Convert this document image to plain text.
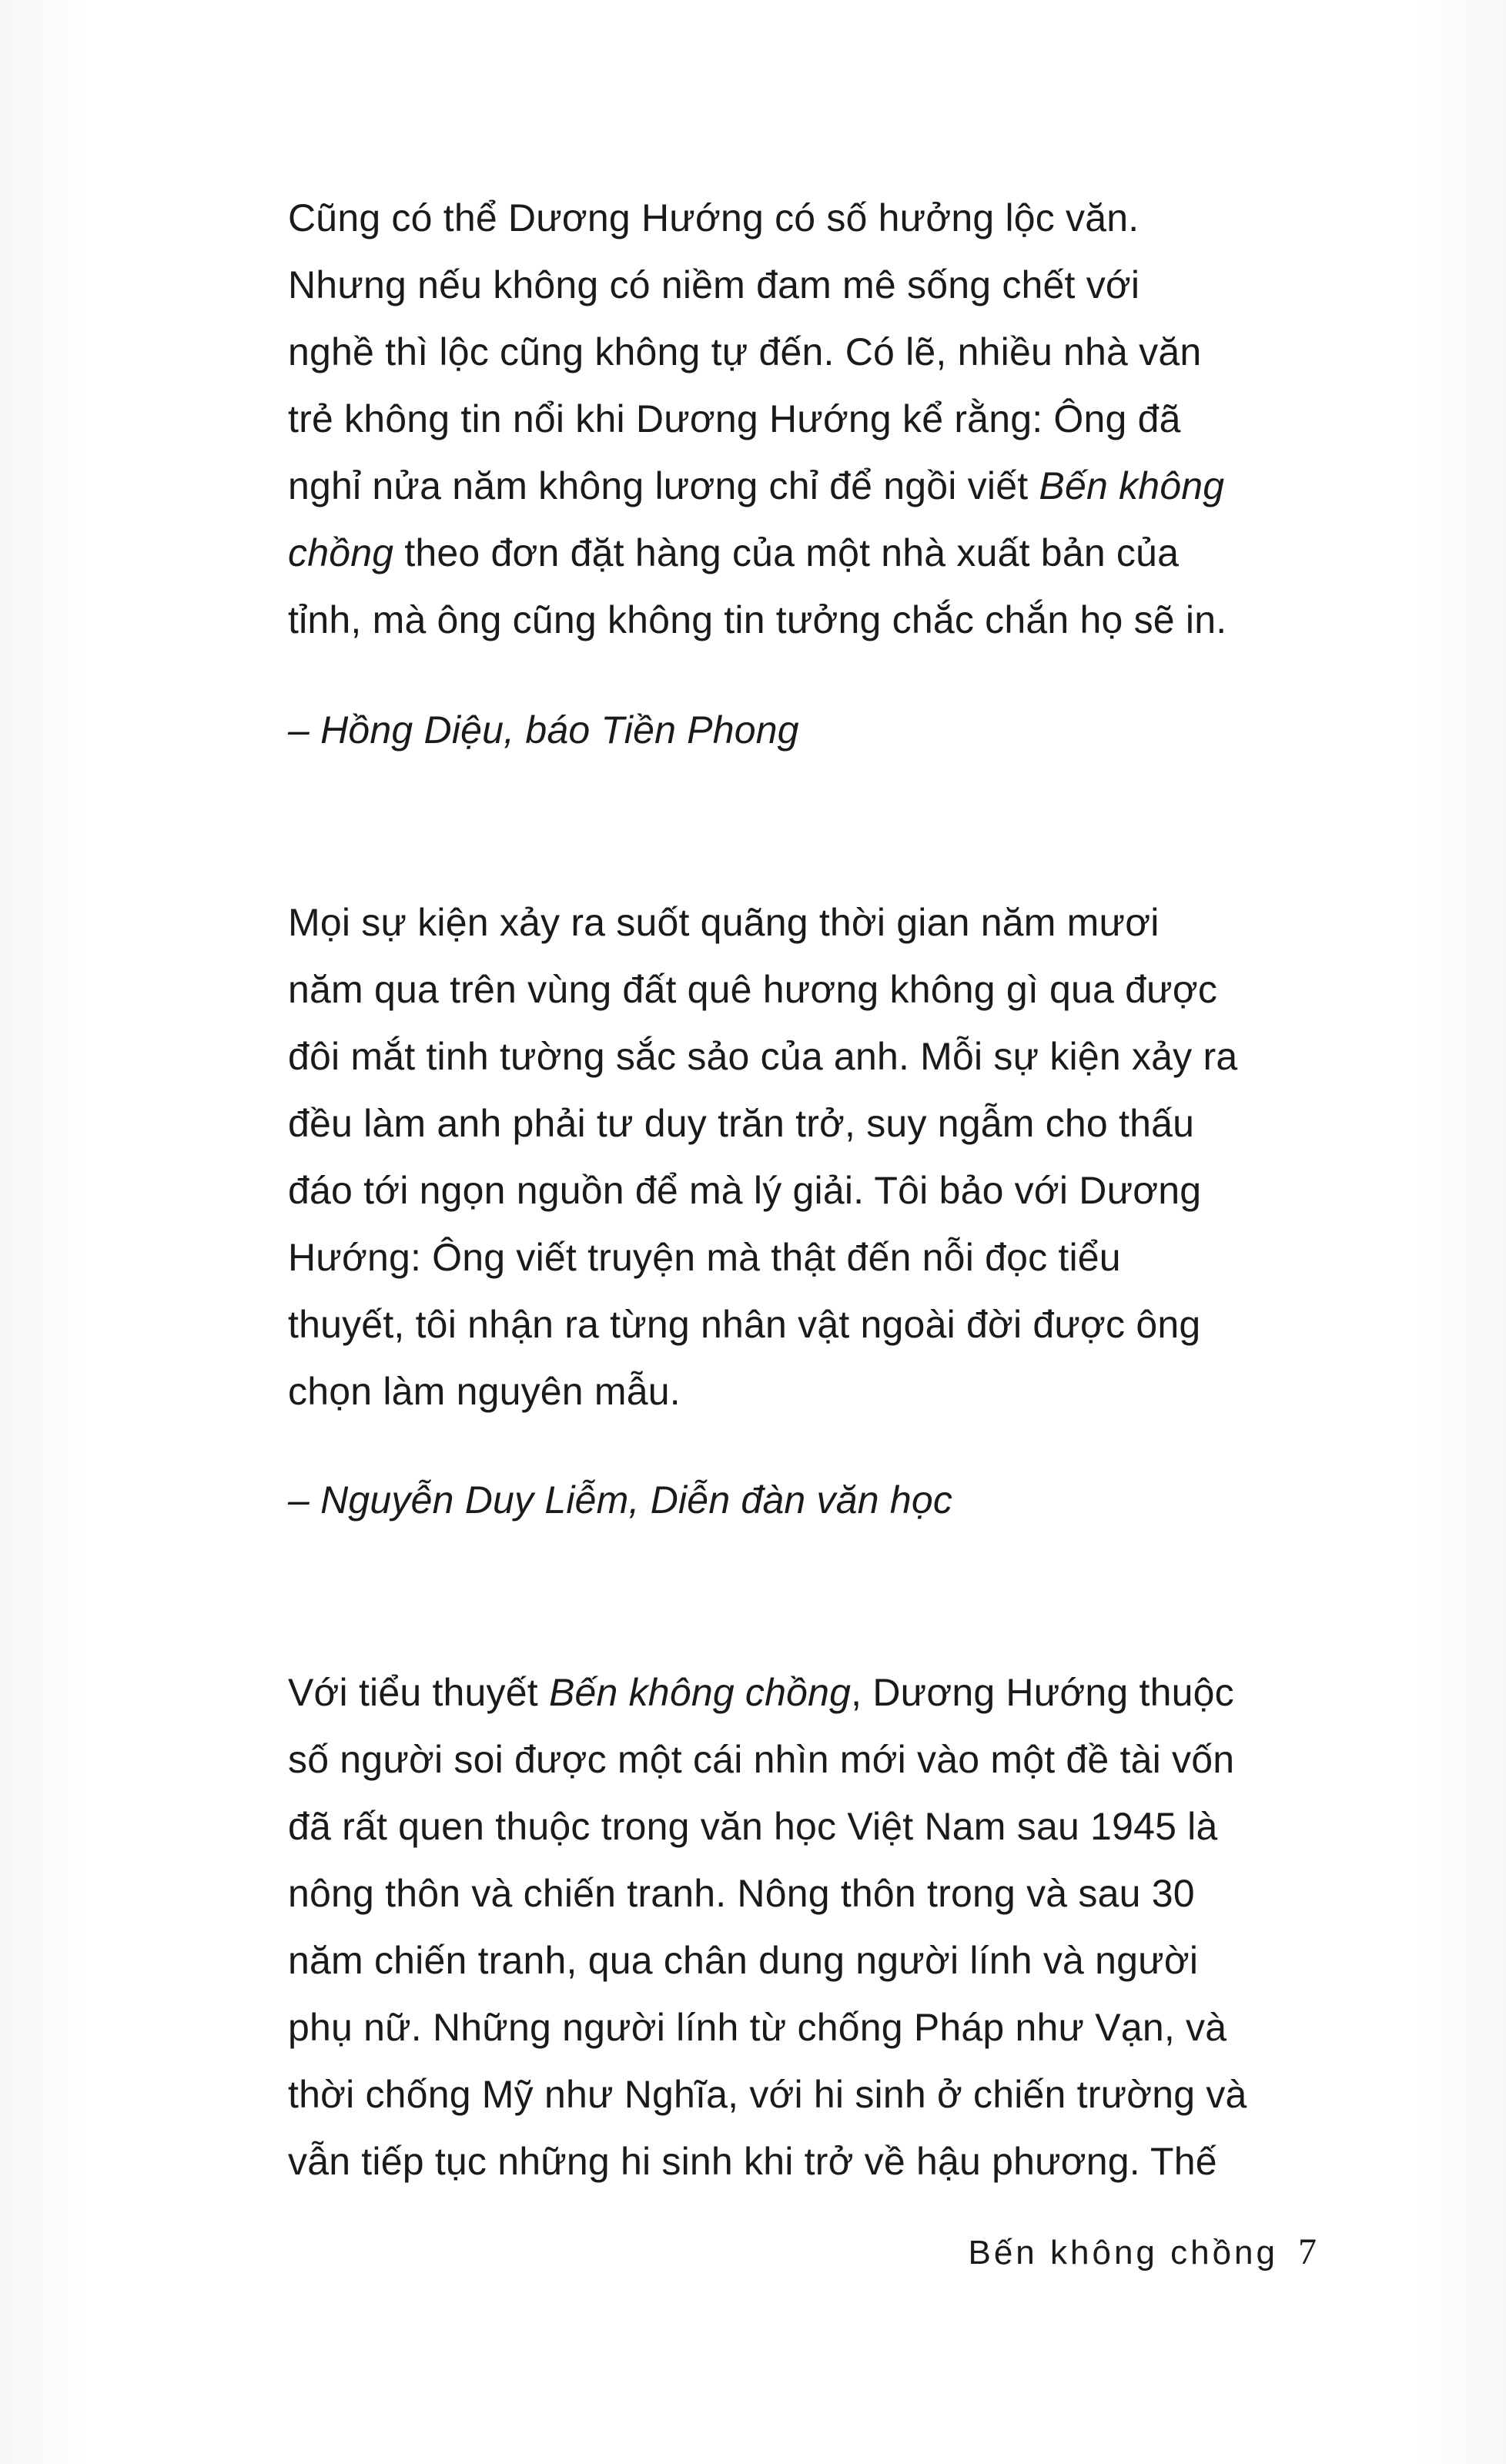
Cũng có thể Dương Hướng có số hưởng lộc văn.
Nhưng nếu không có niềm đam mê sống chết với
nghề thì lộc cũng không tự đến. Có lẽ, nhiều nhà văn
trẻ không tin nổi khi Dương Hướng kể rằng: Ông đã
nghỉ nửa năm không lương chỉ để ngồi viết Bến không
chồng theo đơn đặt hàng của một nhà xuất bản của
tỉnh, mà ông cũng không tin tưởng chắc chắn họ sẽ in.
– Hồng Diệu, báo Tiền Phong
Mọi sự kiện xảy ra suốt quãng thời gian năm mươi
năm qua trên vùng đất quê hương không gì qua được
đôi mắt tinh tường sắc sảo của anh. Mỗi sự kiện xảy ra
đều làm anh phải tư duy trăn trở, suy ngẫm cho thấu
đáo tới ngọn nguồn để mà lý giải. Tôi bảo với Dương
Hướng: Ông viết truyện mà thật đến nỗi đọc tiểu
thuyết, tôi nhận ra từng nhân vật ngoài đời được ông
chọn làm nguyên mẫu.
– Nguyễn Duy Liễm, Diễn đàn văn học
Với tiểu thuyết Bến không chồng, Dương Hướng thuộc
số người soi được một cái nhìn mới vào một đề tài vốn
đã rất quen thuộc trong văn học Việt Nam sau 1945 là
nông thôn và chiến tranh. Nông thôn trong và sau 30
năm chiến tranh, qua chân dung người lính và người
phụ nữ. Những người lính từ chống Pháp như Vạn, và
thời chống Mỹ như Nghĩa, với hi sinh ở chiến trường và
vẫn tiếp tục những hi sinh khi trở về hậu phương. Thế
Bến không chồng 7
